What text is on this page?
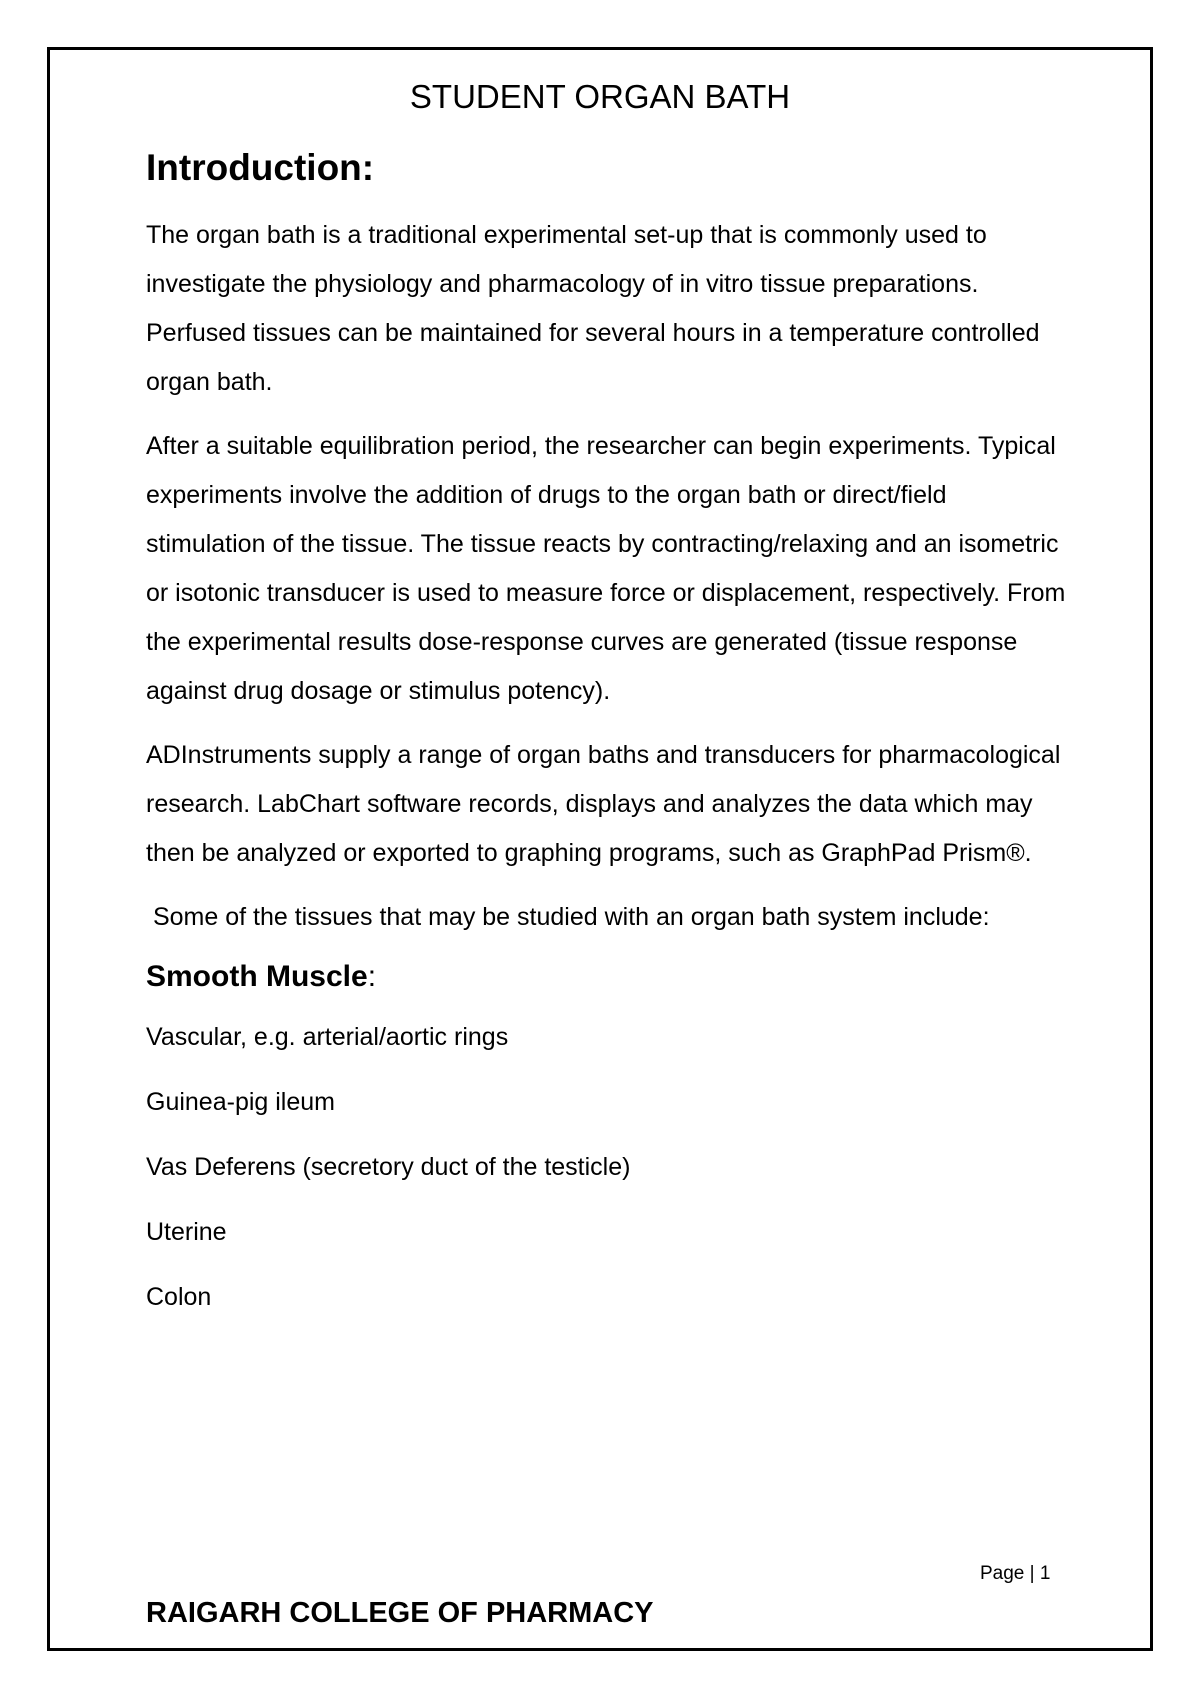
STUDENT ORGAN BATH
Introduction:

The organ bath is a traditional experimental set-up that is commonly used to investigate the physiology and pharmacology of in vitro tissue preparations. Perfused tissues can be maintained for several hours in a temperature controlled organ bath.

After a suitable equilibration period, the researcher can begin experiments. Typical experiments involve the addition of drugs to the organ bath or direct/field stimulation of the tissue. The tissue reacts by contracting/relaxing and an isometric or isotonic transducer is used to measure force or displacement, respectively. From the experimental results dose-response curves are generated (tissue response against drug dosage or stimulus potency).

ADInstruments supply a range of organ baths and transducers for pharmacological research. LabChart software records, displays and analyzes the data which may then be analyzed or exported to graphing programs, such as GraphPad Prism®.

Some of the tissues that may be studied with an organ bath system include:

Smooth Muscle:
Vascular, e.g. arterial/aortic rings
Guinea-pig ileum
Vas Deferens (secretory duct of the testicle)
Uterine
Colon
Page | 1
RAIGARH COLLEGE OF PHARMACY
